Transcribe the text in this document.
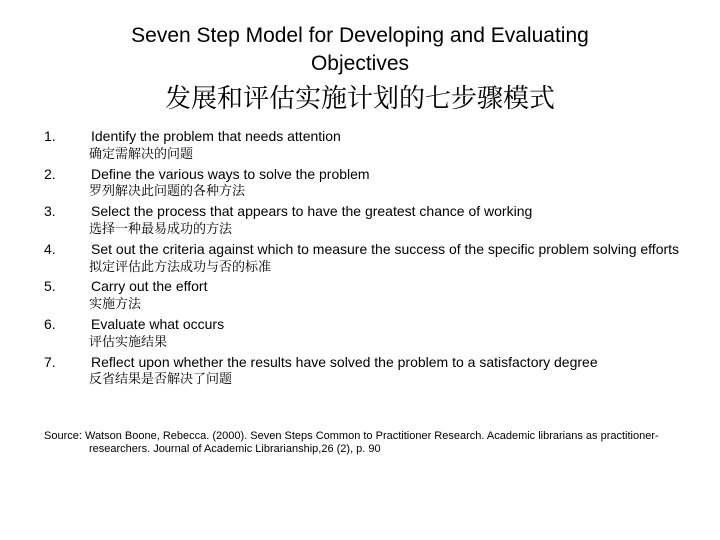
Seven Step Model for Developing and Evaluating
Objectives
发展和评估实施计划的七步骤模式
1.	Identify the problem that needs attention
确定需解决的问题
2.	Define the various ways to solve the problem
罗列解决此问题的各种方法
3.	Select the process that appears to have the greatest chance of working
选择一种最易成功的方法
4.	Set out the criteria against which to measure the success of the specific problem solving efforts
拟定评估此方法成功与否的标准
5.	Carry out the effort
实施方法
6.	Evaluate what occurs
评估实施结果
7.	Reflect upon whether the results have solved the problem to a satisfactory degree
反省结果是否解决了问题
Source: Watson Boone, Rebecca. (2000). Seven Steps Common to Practitioner Research. Academic librarians as practitioner-researchers. Journal of Academic Librarianship,26 (2), p. 90
